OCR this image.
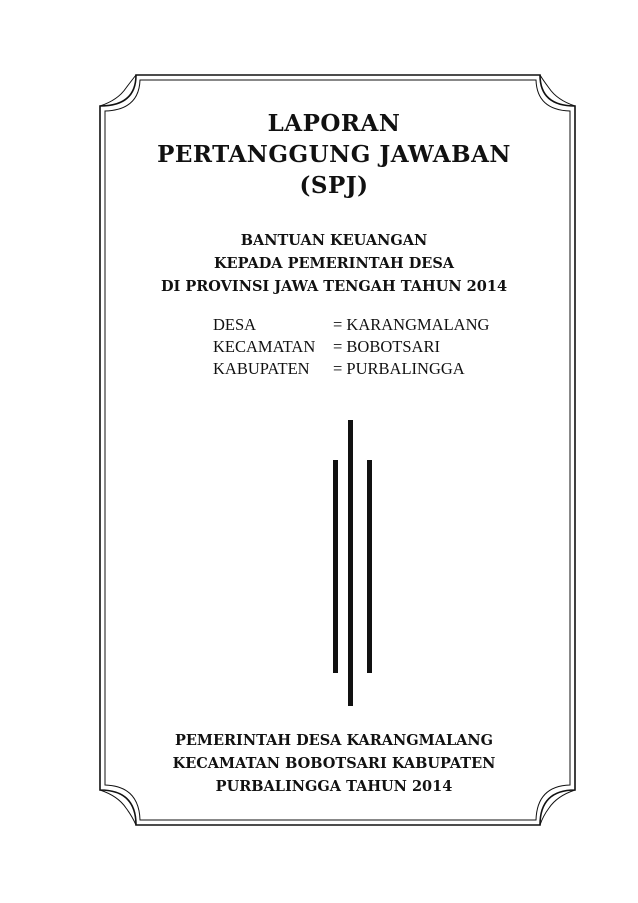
LAPORAN
PERTANGGUNG JAWABAN
(SPJ)
BANTUAN KEUANGAN
KEPADA PEMERINTAH DESA
DI PROVINSI JAWA TENGAH TAHUN 2014
DESA	= KARANGMALANG
KECAMATAN	= BOBOTSARI
KABUPATEN	= PURBALINGGA
PEMERINTAH DESA KARANGMALANG
KECAMATAN BOBOTSARI KABUPATEN
PURBALINGGA TAHUN 2014
